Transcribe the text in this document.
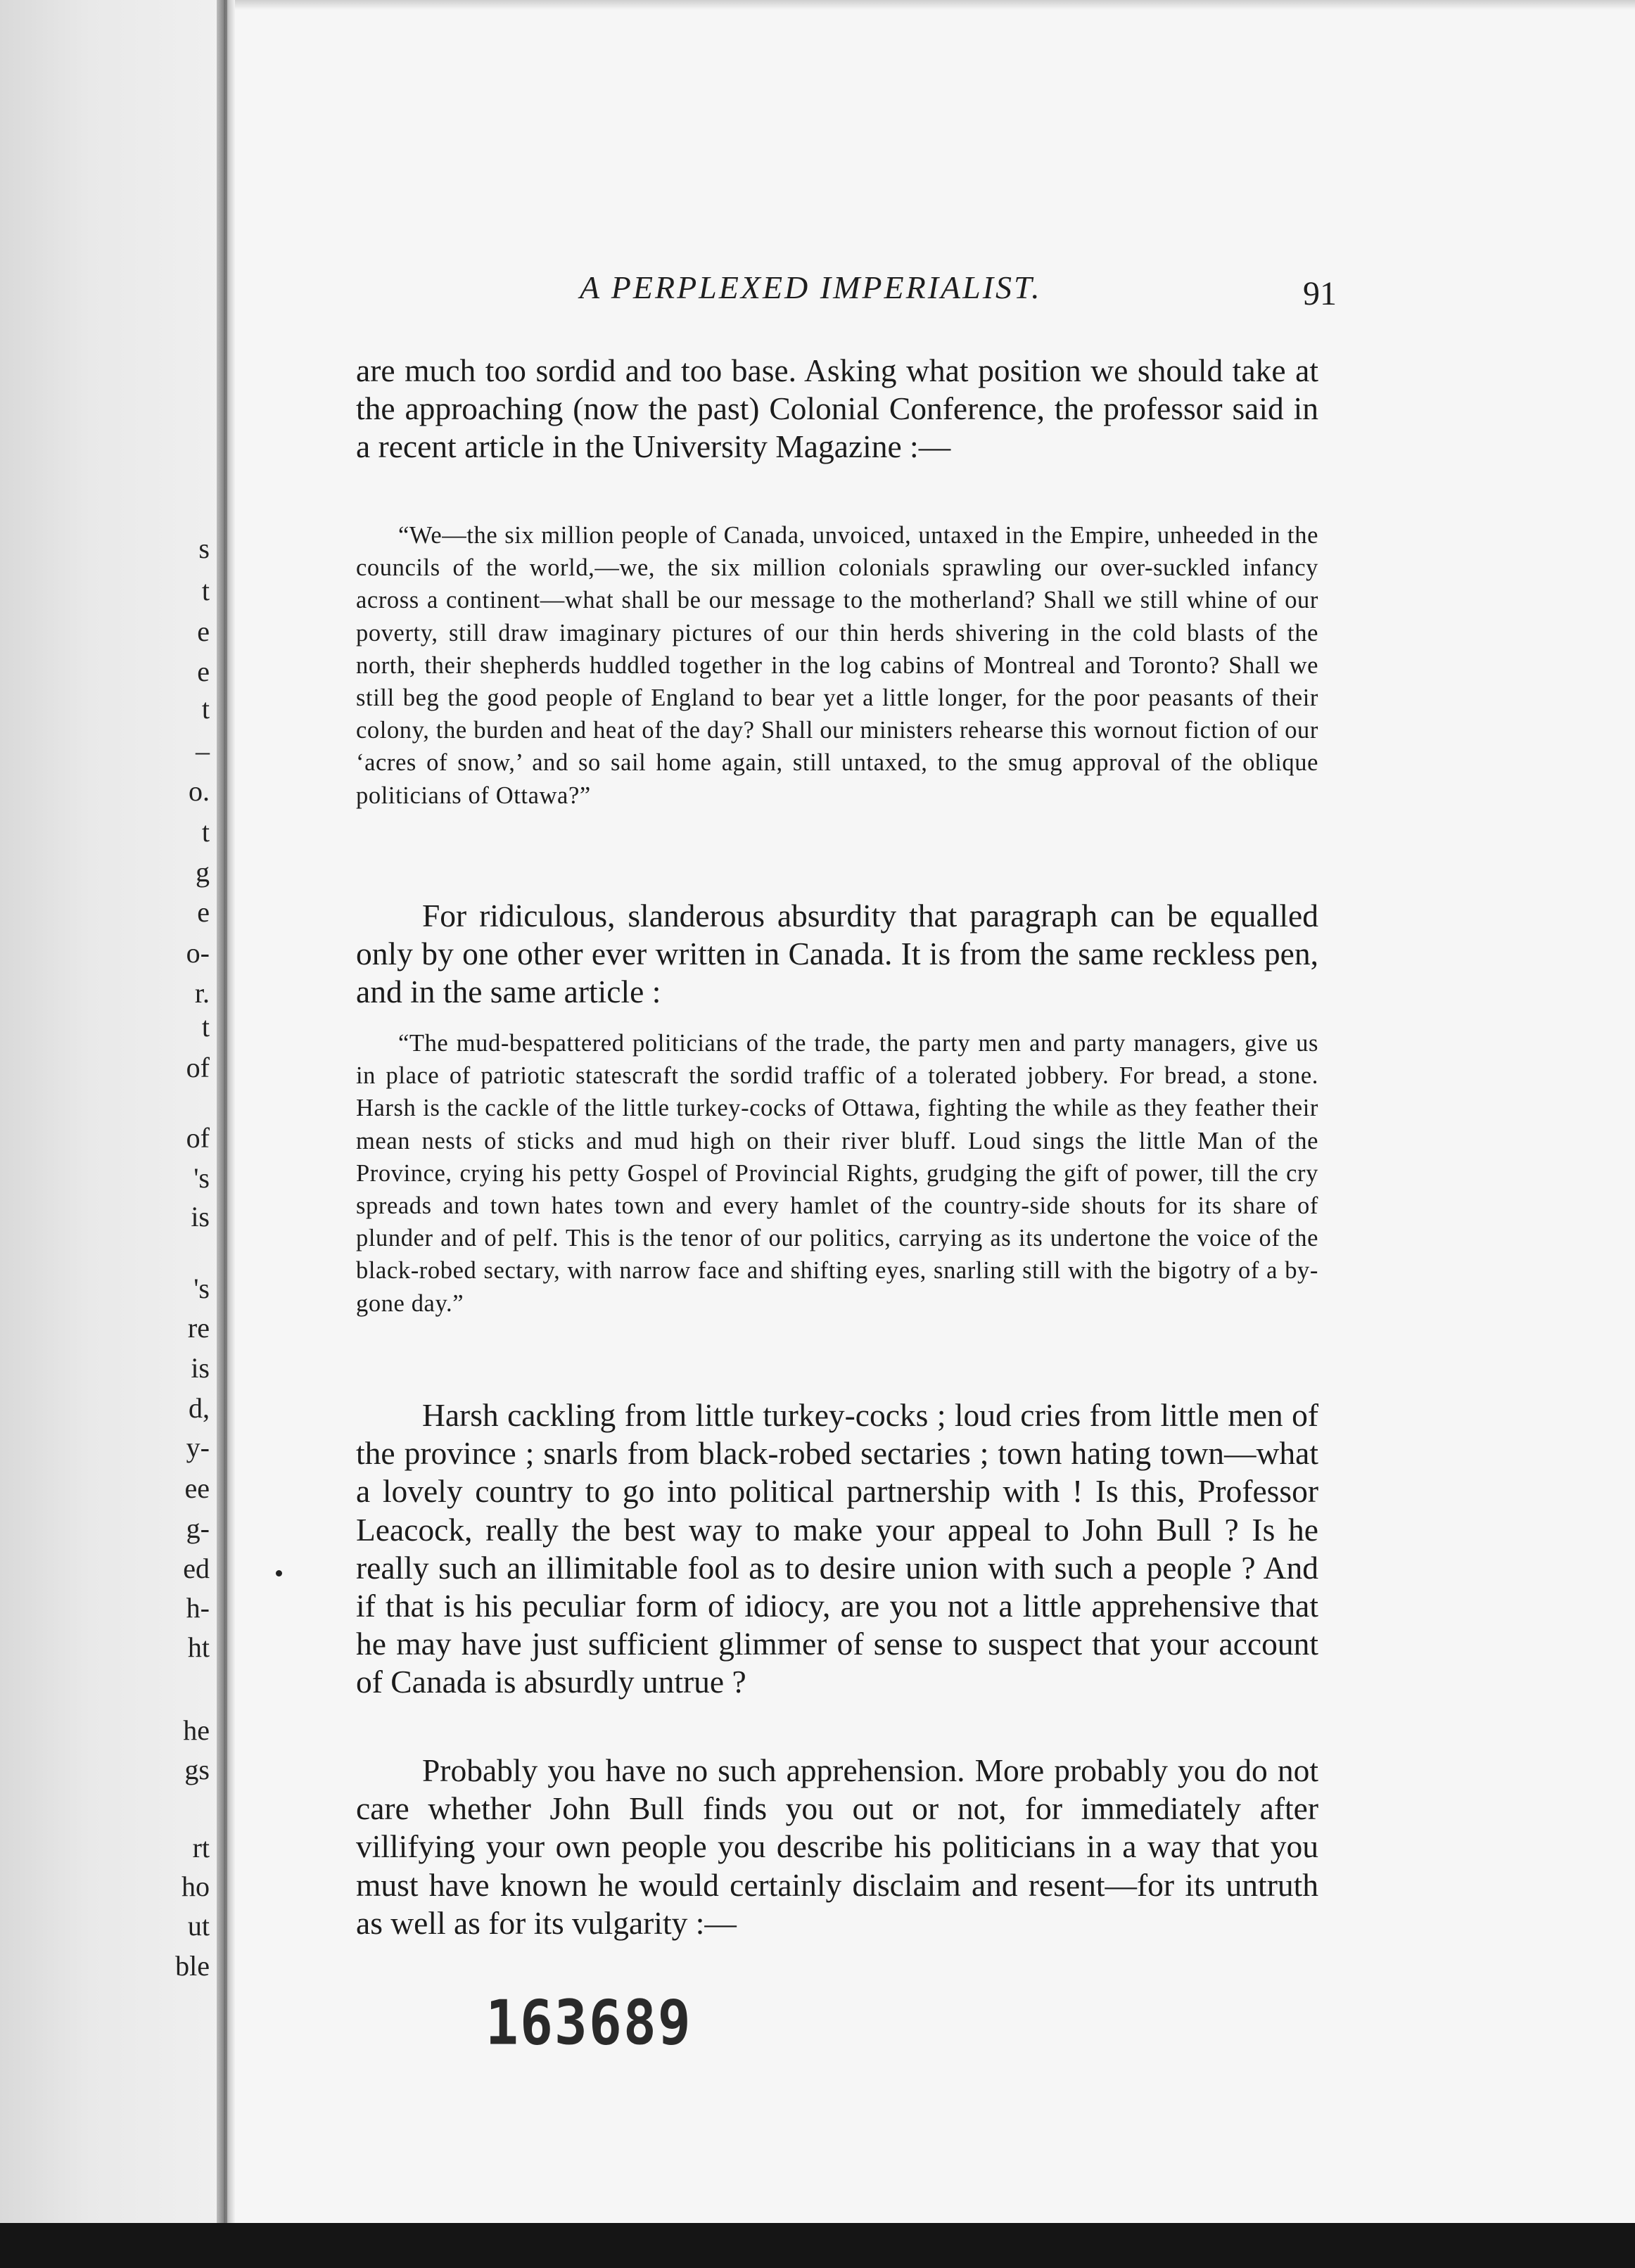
s
t
e
e
t
–
o.
t
g
e
o-
r.
t
of
of
's
is
's
re
is
d,
y-
ee
g-
ed
h-
ht
he
gs
rt
ho
ut
ble
A PERPLEXED IMPERIALIST.	91

are much too sordid and too base. Asking what position we should take at the approaching (now the past) Colonial Conference, the professor said in a recent article in the University Magazine :—

“We—the six million people of Canada, unvoiced, untaxed in the Empire, unheeded in the councils of the world,—we, the six million colonials sprawling our over-suckled infancy across a continent—what shall be our message to the motherland? Shall we still whine of our poverty, still draw imaginary pictures of our thin herds shivering in the cold blasts of the north, their shepherds huddled together in the log cabins of Montreal and Toronto? Shall we still beg the good people of England to bear yet a little longer, for the poor peasants of their colony, the burden and heat of the day? Shall our ministers rehearse this wornout fiction of our ‘acres of snow,’ and so sail home again, still untaxed, to the smug approval of the oblique politicians of Ottawa?”

For ridiculous, slanderous absurdity that paragraph can be equalled only by one other ever written in Canada. It is from the same reckless pen, and in the same article :

“The mud-bespattered politicians of the trade, the party men and party managers, give us in place of patriotic statescraft the sordid traffic of a tolerated jobbery. For bread, a stone. Harsh is the cackle of the little turkey-cocks of Ottawa, fighting the while as they feather their mean nests of sticks and mud high on their river bluff. Loud sings the little Man of the Province, crying his petty Gospel of Provincial Rights, grudging the gift of power, till the cry spreads and town hates town and every hamlet of the country-side shouts for its share of plunder and of pelf. This is the tenor of our politics, carrying as its undertone the voice of the black-robed sectary, with narrow face and shifting eyes, snarling still with the bigotry of a by-gone day.”

Harsh cackling from little turkey-cocks ; loud cries from little men of the province ; snarls from black-robed sectaries ; town hating town—what a lovely country to go into political partnership with ! Is this, Professor Leacock, really the best way to make your appeal to John Bull ? Is he really such an illimitable fool as to desire union with such a people ? And if that is his peculiar form of idiocy, are you not a little apprehensive that he may have just sufficient glimmer of sense to suspect that your account of Canada is absurdly untrue ?

Probably you have no such apprehension. More probably you do not care whether John Bull finds you out or not, for immediately after villifying your own people you describe his politicians in a way that you must have known he would certainly disclaim and resent—for its untruth as well as for its vulgarity :—

163689
